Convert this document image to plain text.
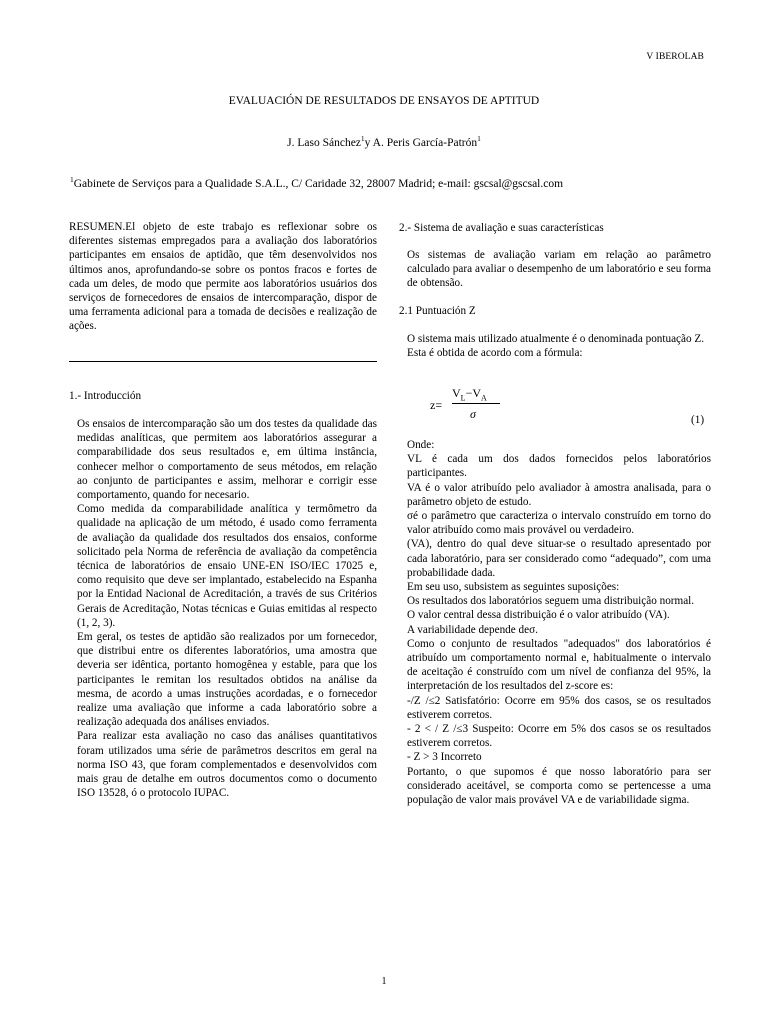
V IBEROLAB
EVALUACIÓN DE RESULTADOS DE ENSAYOS DE APTITUD
J. Laso Sánchez$^1$y A. Peris García-Patrón$^1$
$^1$Gabinete de Serviços para a Qualidade S.A.L., C/ Caridade 32, 28007 Madrid; e-mail: gscsal@gscsal.com

RESUMEN.El objeto de este trabajo es reflexionar sobre os diferentes sistemas empregados para a avaliação dos laboratórios participantes em ensaios de aptidão, que têm desenvolvidos nos últimos anos, aprofundando-se sobre os pontos fracos e fortes de cada um deles, de modo que permite aos laboratórios usuários dos serviços de fornecedores de ensaios de intercomparação, dispor de uma ferramenta adicional para a tomada de decisões e realização de ações.

1.- Introducción

Os ensaios de intercomparação são um dos testes da qualidade das medidas analíticas, que permitem aos laboratórios assegurar a comparabilidade dos seus resultados e, em última instância, conhecer melhor o comportamento de seus métodos, em relação ao conjunto de participantes e assim, melhorar e corrigir esse comportamento, quando for necesario.

Como medida da comparabilidade analítica y termômetro da qualidade na aplicação de um método, é usado como ferramenta de avaliação da qualidade dos resultados dos ensaios, conforme solicitado pela Norma de referência de avaliação da competência técnica de laboratórios de ensaio UNE-EN ISO/IEC 17025 e, como requisito que deve ser implantado, estabelecido na Espanha por la Entidad Nacional de Acreditación, a través de sus Critérios Gerais de Acreditação, Notas técnicas e Guias emitidas al respecto (1, 2, 3).

Em geral, os testes de aptidão são realizados por um fornecedor, que distribui entre os diferentes laboratórios, uma amostra que deveria ser idêntica, portanto homogênea y estable, para que los participantes le remitan los resultados obtidos na análise da mesma, de acordo a umas instruções acordadas, e o fornecedor realize uma avaliação que informe a cada laboratório sobre a realização adequada dos análises enviados.

Para realizar esta avaliação no caso das análises quantitativos foram utilizados uma série de parâmetros descritos em geral na norma ISO 43, que foram complementados e desenvolvidos com mais grau de detalhe em outros documentos como o documento ISO 13528, ó o protocolo IUPAC.

2.- Sistema de avaliação e suas características

Os sistemas de avaliação variam em relação ao parâmetro calculado para avaliar o desempenho de um laboratório e seu forma de obtensão.

2.1 Puntuación Z

O sistema mais utilizado atualmente é o denominada pontuação Z.

Esta é obtida de acordo com a fórmula:

z=
$V_L-V_A$
σ	(1)

Onde:

VL é cada um dos dados fornecidos pelos laboratórios participantes.

VA é o valor atribuído pelo avaliador à amostra analisada, para o parâmetro objeto de estudo.

σé o parâmetro que caracteriza o intervalo construído em torno do valor atribuído como mais provável ou verdadeiro.

(VA), dentro do qual deve situar-se o resultado apresentado por cada laboratório, para ser considerado como “adequado”, com uma probabilidade dada.

Em seu uso, subsistem as seguintes suposições:

Os resultados dos laboratórios seguem uma distribuição normal.

O valor central dessa distribuição é o valor atribuído (VA).

A variabilidade depende deσ.

Como o conjunto de resultados "adequados" dos laboratórios é atribuído um comportamento normal e, habitualmente o intervalo de aceitação é construído com um nível de confianza del 95%, la interpretación de los resultados del z-score es:

-/Z /≤2 Satisfatório: Ocorre em 95% dos casos, se os resultados estiverem corretos.

- 2 < / Z /≤3 Suspeito: Ocorre em 5% dos casos se os resultados estiverem corretos.

- Z > 3 Incorreto

Portanto, o que supomos é que nosso laboratório para ser considerado aceitável, se comporta como se pertencesse a uma população de valor mais provável VA e de variabilidade sigma.

1
